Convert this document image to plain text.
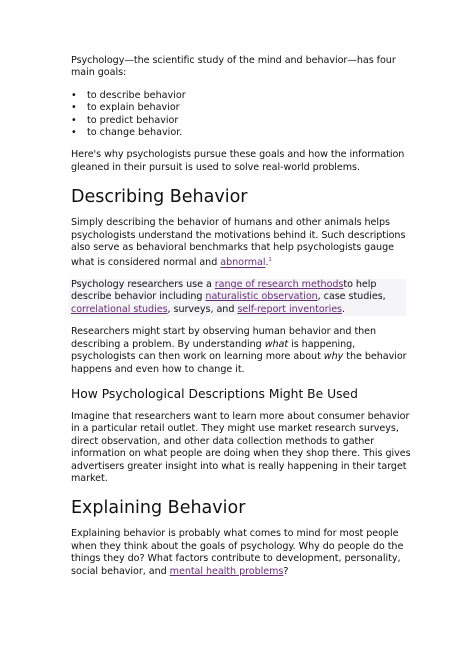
Psychology—the scientific study of the mind and behavior—has four main goals:

• to describe behavior
• to explain behavior
• to predict behavior
• to change behavior.

Here's why psychologists pursue these goals and how the information gleaned in their pursuit is used to solve real-world problems.

Describing Behavior

Simply describing the behavior of humans and other animals helps psychologists understand the motivations behind it. Such descriptions also serve as behavioral benchmarks that help psychologists gauge what is considered normal and abnormal.$^1$

Psychology researchers use a range of research methodsto help describe behavior including naturalistic observation, case studies, correlational studies, surveys, and self-report inventories.

Researchers might start by observing human behavior and then describing a problem. By understanding what is happening, psychologists can then work on learning more about why the behavior happens and even how to change it.

How Psychological Descriptions Might Be Used

Imagine that researchers want to learn more about consumer behavior in a particular retail outlet. They might use market research surveys, direct observation, and other data collection methods to gather information on what people are doing when they shop there. This gives advertisers greater insight into what is really happening in their target market.

Explaining Behavior

Explaining behavior is probably what comes to mind for most people when they think about the goals of psychology. Why do people do the things they do? What factors contribute to development, personality, social behavior, and mental health problems?
